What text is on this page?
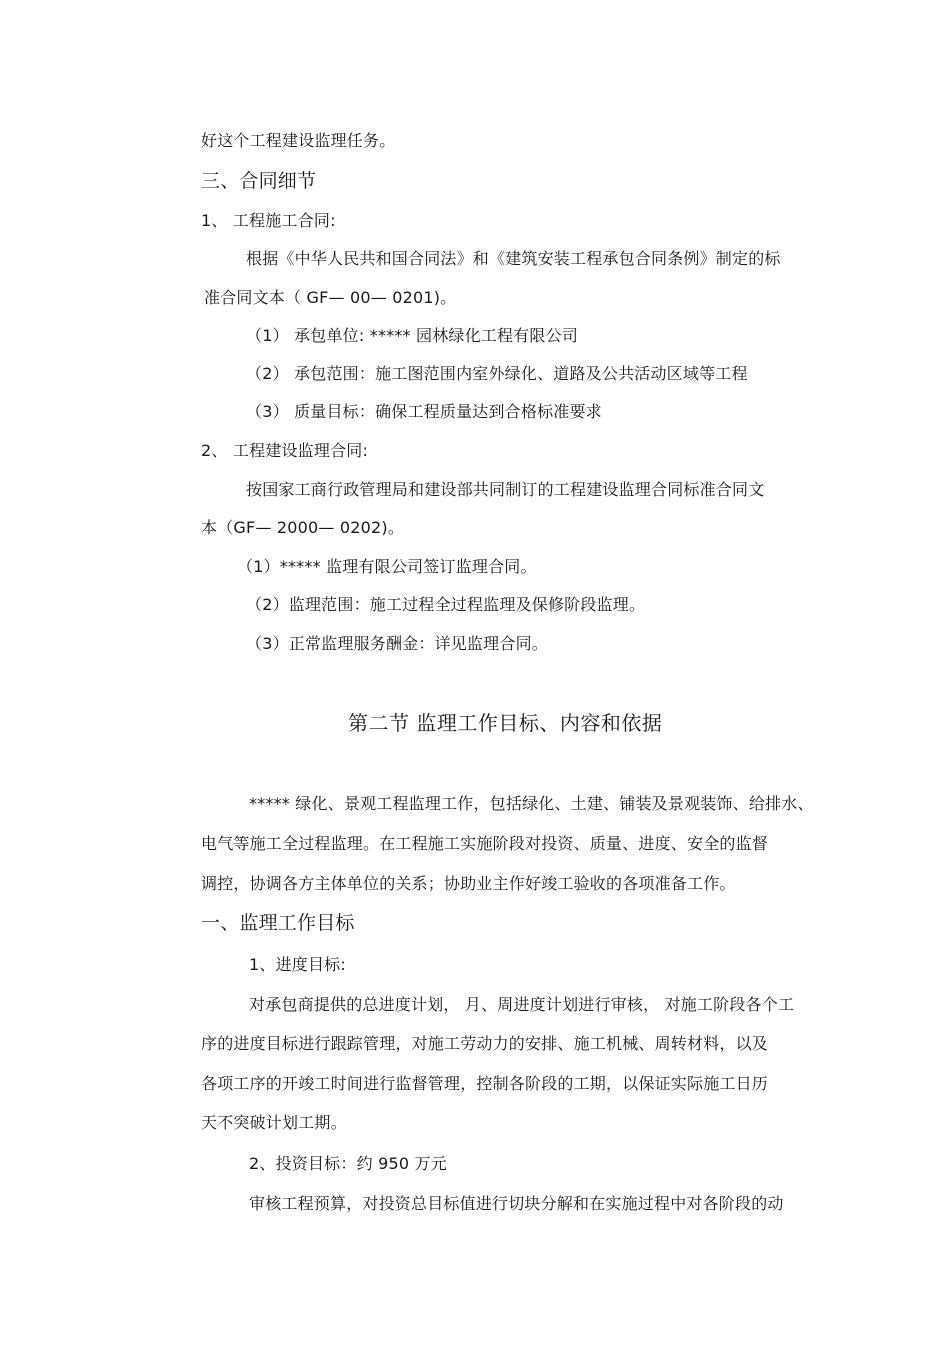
好这个工程建设监理任务。
三、合同细节
1、 工程施工合同:
根据《中华人民共和国合同法》和《建筑安装工程承包合同条例》制定的标
准合同文本（ GF— 00— 0201)。
（1） 承包单位: ***** 园林绿化工程有限公司
（2） 承包范围：施工图范围内室外绿化、道路及公共活动区域等工程
（3） 质量目标：确保工程质量达到合格标准要求
2、 工程建设监理合同:
按国家工商行政管理局和建设部共同制订的工程建设监理合同标准合同文
本（GF— 2000— 0202)。
（1）***** 监理有限公司签订监理合同。
（2）监理范围：施工过程全过程监理及保修阶段监理。
（3）正常监理服务酬金：详见监理合同。
第二节 监理工作目标、内容和依据
***** 绿化、景观工程监理工作，包括绿化、土建、铺装及景观装饰、给排水、
电气等施工全过程监理。在工程施工实施阶段对投资、质量、进度、安全的监督
调控，协调各方主体单位的关系；协助业主作好竣工验收的各项准备工作。
一、监理工作目标
1、进度目标:
对承包商提供的总进度计划， 月、周进度计划进行审核， 对施工阶段各个工
序的进度目标进行跟踪管理，对施工劳动力的安排、施工机械、周转材料，以及
各项工序的开竣工时间进行监督管理，控制各阶段的工期，以保证实际施工日历
天不突破计划工期。
2、投资目标：约 950 万元
审核工程预算，对投资总目标值进行切块分解和在实施过程中对各阶段的动
